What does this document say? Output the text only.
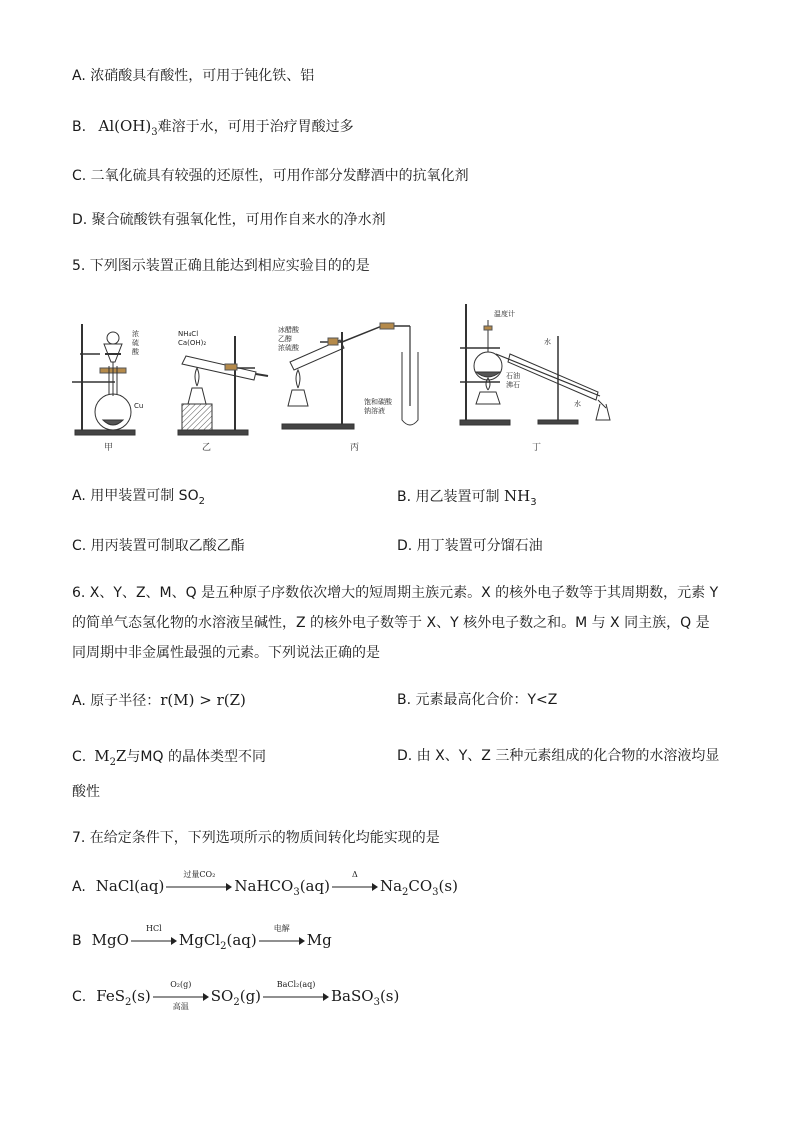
A. 浓硝酸具有酸性，可用于钝化铁、铝
B. $Al(OH)_3$难溶于水，可用于治疗胃酸过多
C. 二氧化硫具有较强的还原性，可用作部分发酵酒中的抗氧化剂
D. 聚合硫酸铁有强氧化性，可用作自来水的净水剂
5. 下列图示装置正确且能达到相应实验目的的是
浓
硫
酸
Cu
甲
NH₄Cl
Ca(OH)₂
乙
冰醋酸
乙醇
浓硫酸
饱和碳酸
钠溶液
丙
温度计
水
石油
沸石
水
丁
A. 用甲装置可制 $SO_2$	B. 用乙装置可制 $NH_3$
C. 用丙装置可制取乙酸乙酯	D. 用丁装置可分馏石油
6. X、Y、Z、M、Q 是五种原子序数依次增大的短周期主族元素。X 的核外电子数等于其周期数，元素 Y 的简单气态氢化物的水溶液呈碱性，Z 的核外电子数等于 X、Y 核外电子数之和。M 与 X 同主族，Q 是同周期中非金属性最强的元素。下列说法正确的是
A. 原子半径：r(M) > r(Z)	B. 元素最高化合价：Y<Z
C. $M_2Z$与MQ 的晶体类型不同	D. 由 X、Y、Z 三种元素组成的化合物的水溶液均显
酸性
7. 在给定条件下，下列选项所示的物质间转化均能实现的是
A. NaCl(aq)
过量CO₂
NaHCO$_3$(aq)
Δ
$Na_2CO_3(s)$
B MgO
HCl
MgCl$_2$(aq)
电解
Mg
C. FeS$_2$(s)
O₂(g)
高温
$SO_2(g)$
BaCl₂(aq)
BaSO$_3$(s)
